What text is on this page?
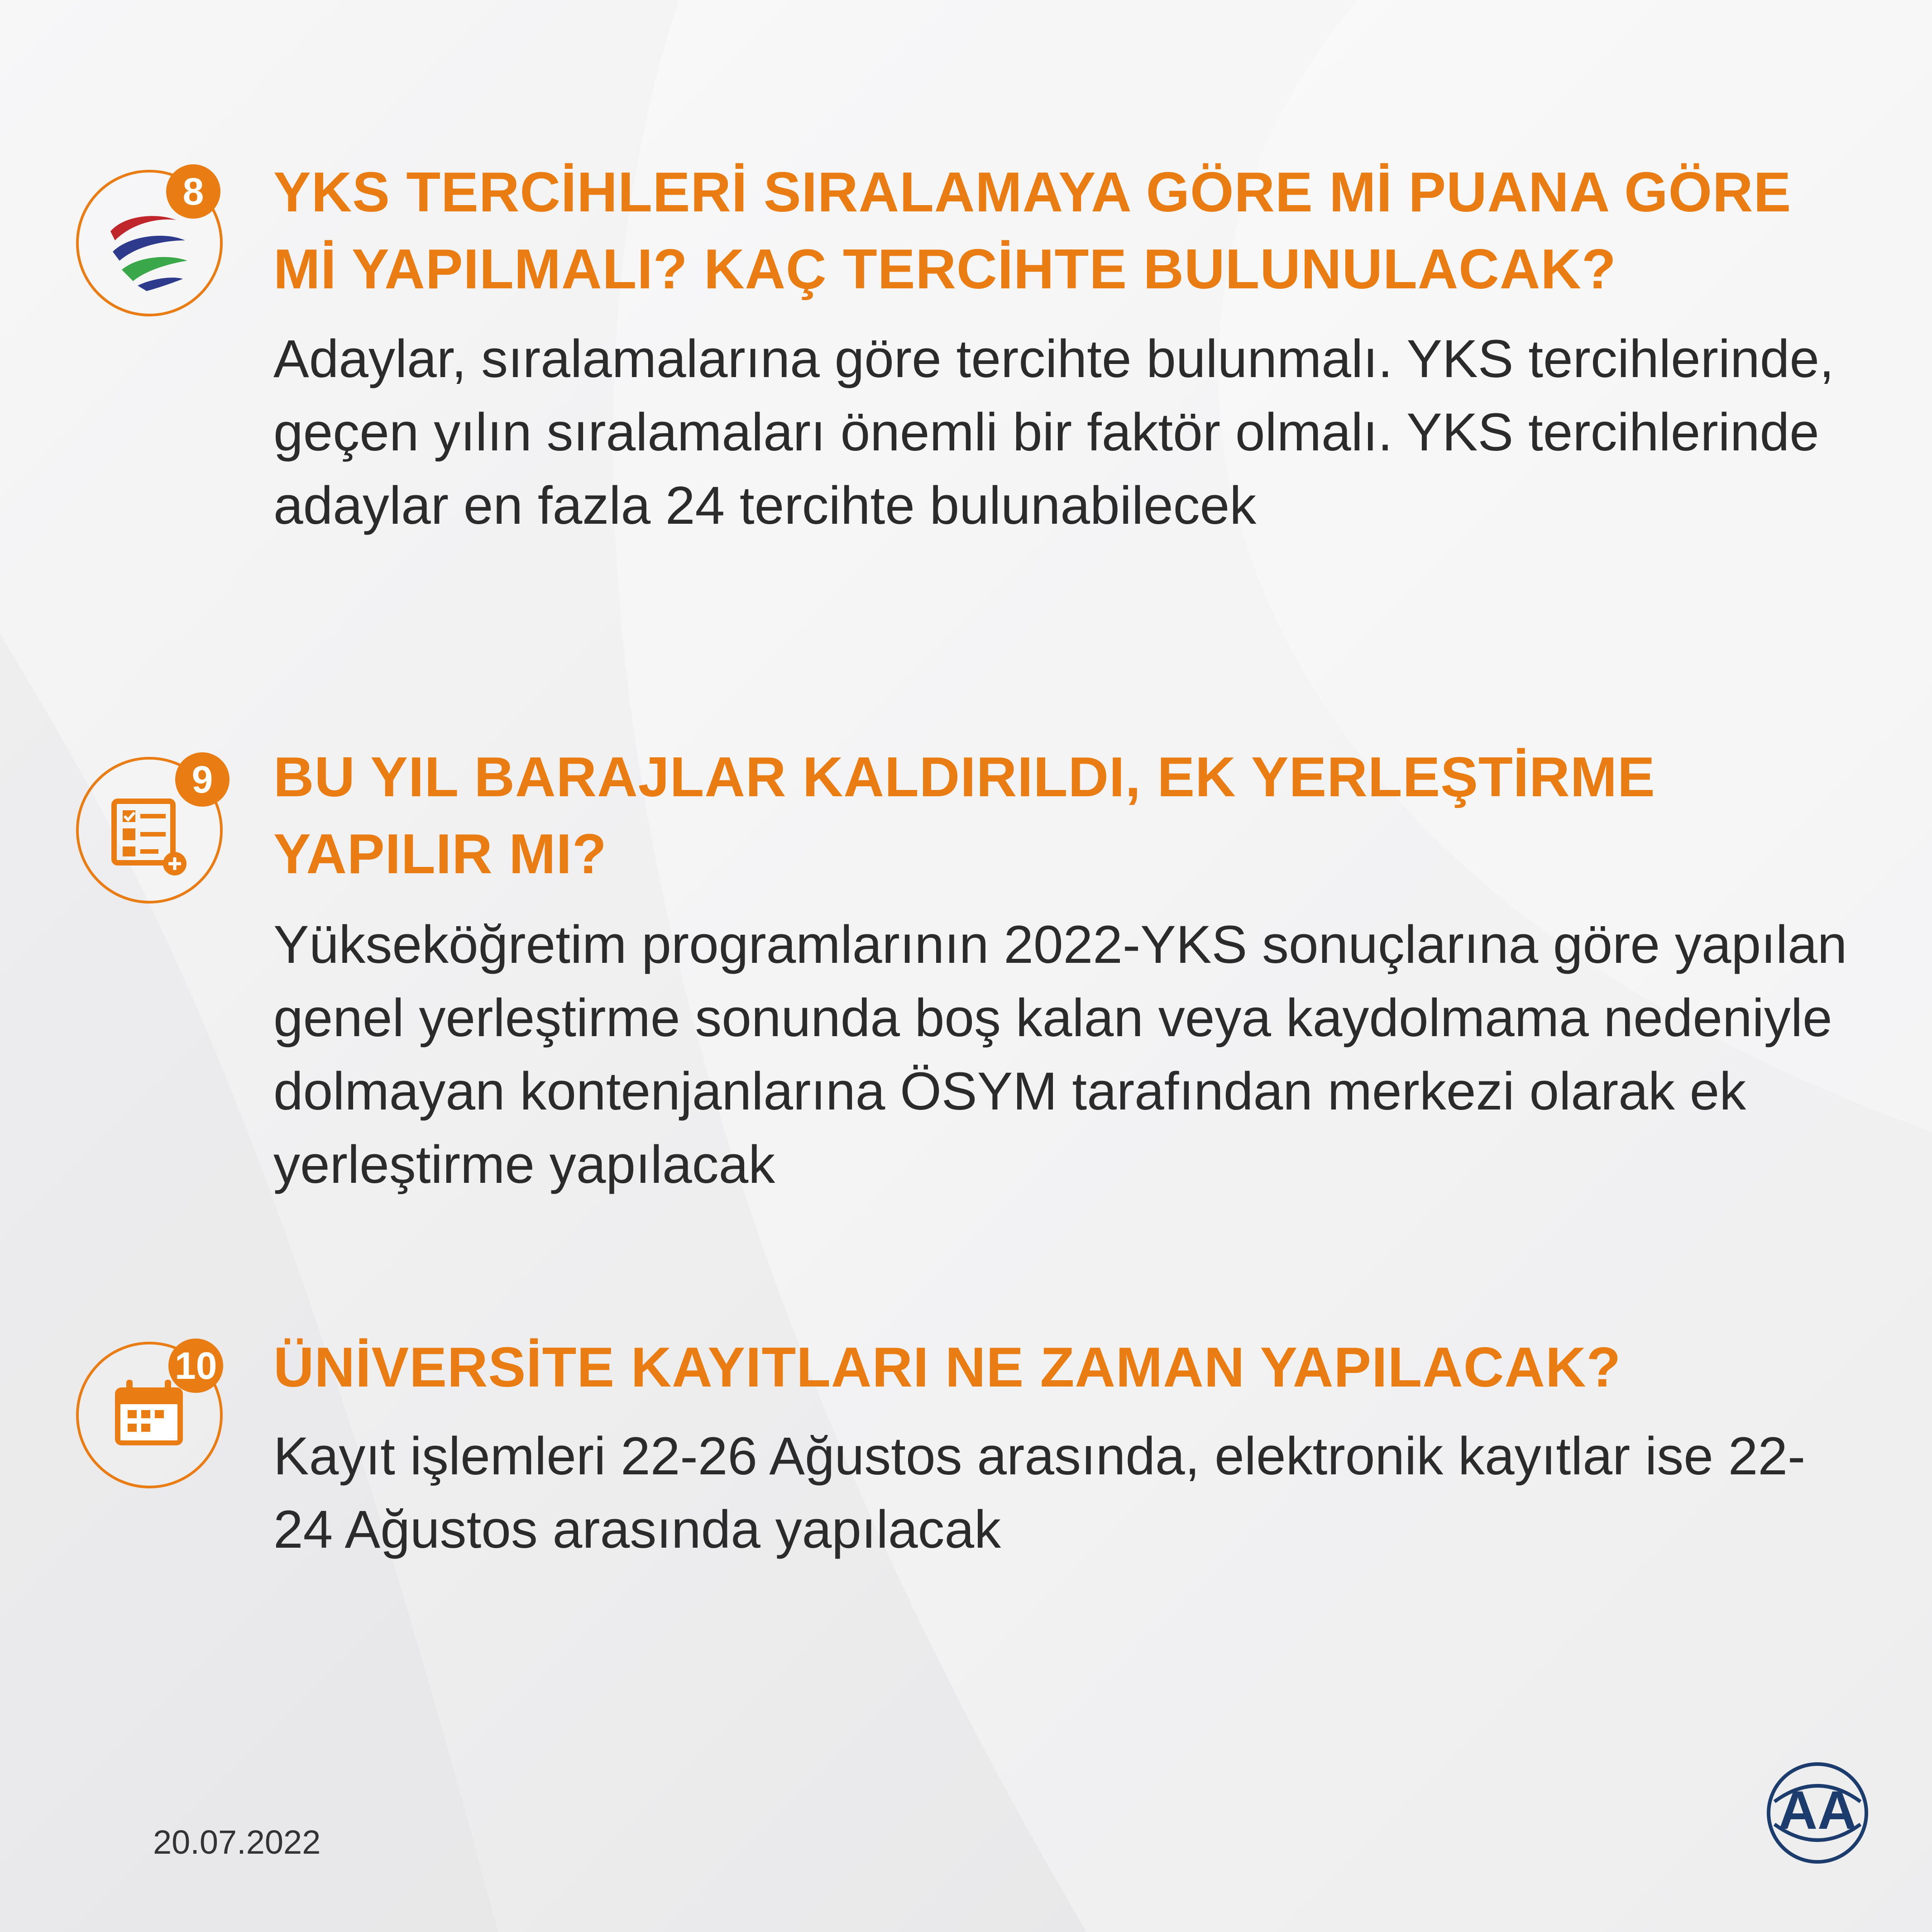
8 YKS TERCİHLERİ SIRALAMAYA GÖRE Mİ PUANA GÖRE Mİ YAPILMALI? KAÇ TERCİHTE BULUNULACAK?

Adaylar, sıralamalarına göre tercihte bulunmalı. YKS tercihlerinde, geçen yılın sıralamaları önemli bir faktör olmalı. YKS tercihlerinde adaylar en fazla 24 tercihte bulunabilecek

9 BU YIL BARAJLAR KALDIRILDI, EK YERLEŞTİRME YAPILIR MI?

Yükseköğretim programlarının 2022-YKS sonuçlarına göre yapılan genel yerleştirme sonunda boş kalan veya kaydolmama nedeniyle dolmayan kontenjanlarına ÖSYM tarafından merkezi olarak ek yerleştirme yapılacak

10 ÜNİVERSİTE KAYITLARI NE ZAMAN YAPILACAK?

Kayıt işlemleri 22-26 Ağustos arasında, elektronik kayıtlar ise 22-24 Ağustos arasında yapılacak

20.07.2022
AA
